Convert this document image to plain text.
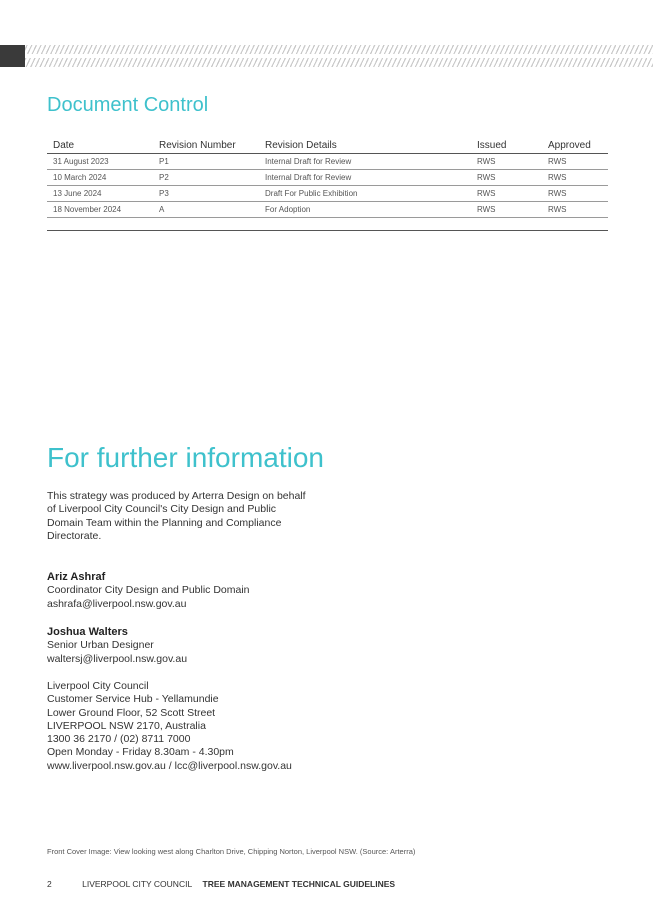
Document Control
Date	Revision Number	Revision Details	Issued	Approved
31 August 2023	P1	Internal Draft for Review	RWS	RWS
10 March 2024	P2	Internal Draft for Review	RWS	RWS
13 June 2024	P3	Draft For Public Exhibition	RWS	RWS
18 November 2024	A	For Adoption	RWS	RWS
For further information

This strategy was produced by Arterra Design on behalf of Liverpool City Council's City Design and Public Domain Team within the Planning and Compliance Directorate.

Ariz Ashraf
Coordinator City Design and Public Domain
ashrafa@liverpool.nsw.gov.au
Joshua Walters
Senior Urban Designer
waltersj@liverpool.nsw.gov.au
Liverpool City Council
Customer Service Hub - Yellamundie
Lower Ground Floor, 52 Scott Street
LIVERPOOL NSW 2170, Australia
1300 36 2170 / (02) 8711 7000
Open Monday - Friday 8.30am - 4.30pm
www.liverpool.nsw.gov.au / lcc@liverpool.nsw.gov.au
Front Cover Image: View looking west along Charlton Drive, Chipping Norton, Liverpool NSW. (Source: Arterra)
2	LIVERPOOL CITY COUNCIL TREE MANAGEMENT TECHNICAL GUIDELINES
